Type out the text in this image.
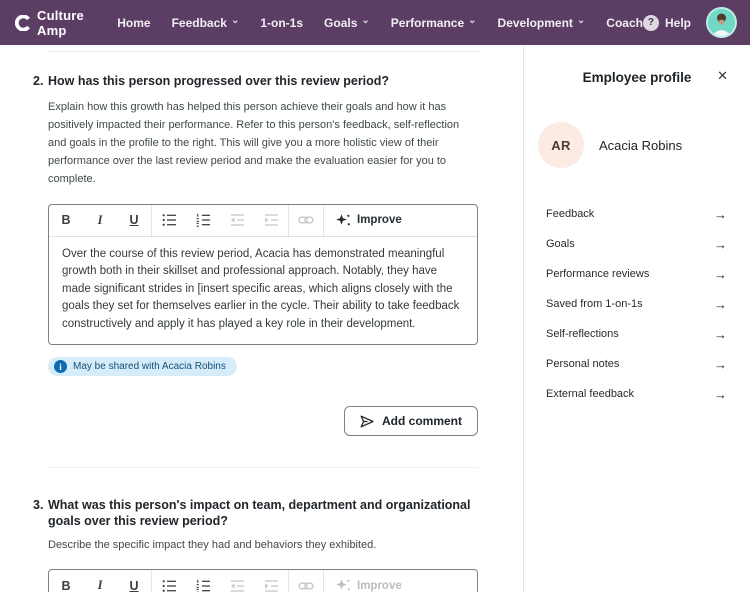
Culture Amp	Home Feedback ⌄ 1-on-1s Goals ⌄ Performance ⌄ Development ⌄ Coach ? Help
2. How has this person progressed over this review period?

Explain how this growth has helped this person achieve their goals and how it has positively impacted their performance. Refer to this person's feedback, self-reflection and goals in the profile to the right. This will give you a more holistic view of their performance over the last review period and make the evaluation easier for you to complete.

B	I	U	Improve
Over the course of this review period, Acacia has demonstrated meaningful growth both in their skillset and professional approach. Notably, they have made significant strides in [insert specific areas, which aligns closely with the goals they set for themselves earlier in the cycle. Their ability to take feedback constructively and apply it has played a key role in their development.
i	May be shared with Acacia Robins
Add comment
3. What was this person's impact on team, department and organizational goals over this review period?

Describe the specific impact they had and behaviors they exhibited.

B	I	U	Improve
Employee profile	✕
AR	Acacia Robins
Feedback	→
Goals	→
Performance reviews	→
Saved from 1-on-1s	→
Self-reflections	→
Personal notes	→
External feedback	→
